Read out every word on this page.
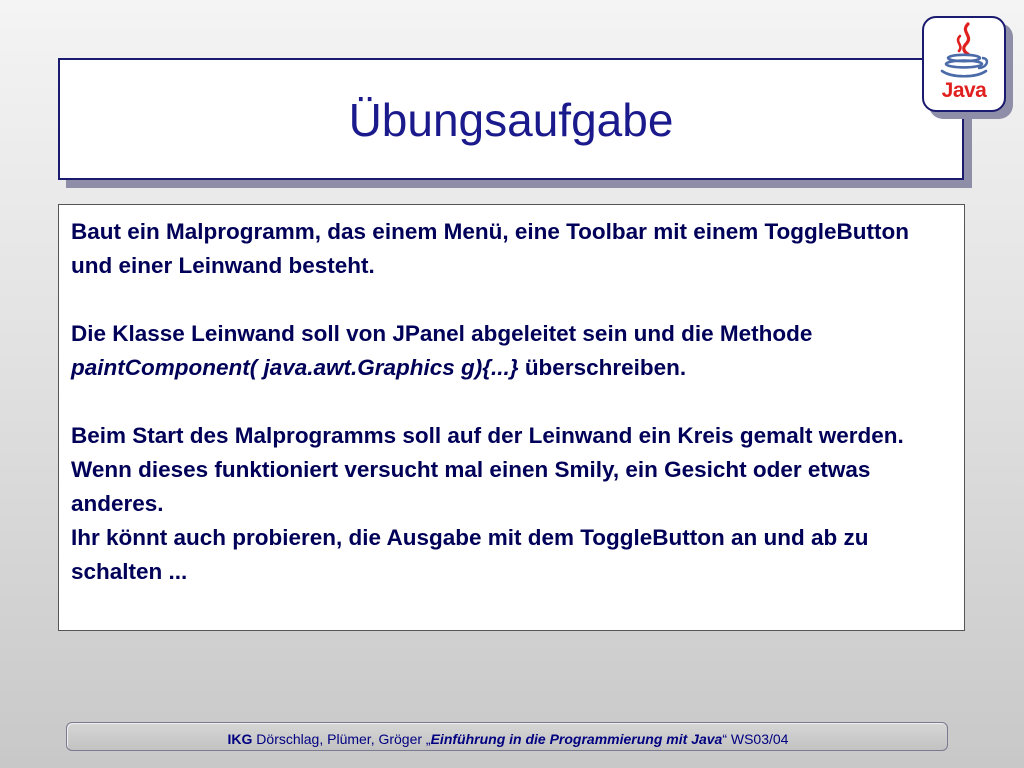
Übungsaufgabe
Java

Baut ein Malprogramm, das einem Menü, eine Toolbar mit einem ToggleButton und einer Leinwand besteht.

Die Klasse Leinwand soll von JPanel abgeleitet sein und die Methode paintComponent( java.awt.Graphics g){...} überschreiben.

Beim Start des Malprogramms soll auf der Leinwand ein Kreis gemalt werden. Wenn dieses funktioniert versucht mal einen Smily, ein Gesicht oder etwas anderes.

Ihr könnt auch probieren, die Ausgabe mit dem ToggleButton an und ab zu schalten ...

IKG Dörschlag, Plümer, Gröger „Einführung in die Programmierung mit Java“ WS03/04
